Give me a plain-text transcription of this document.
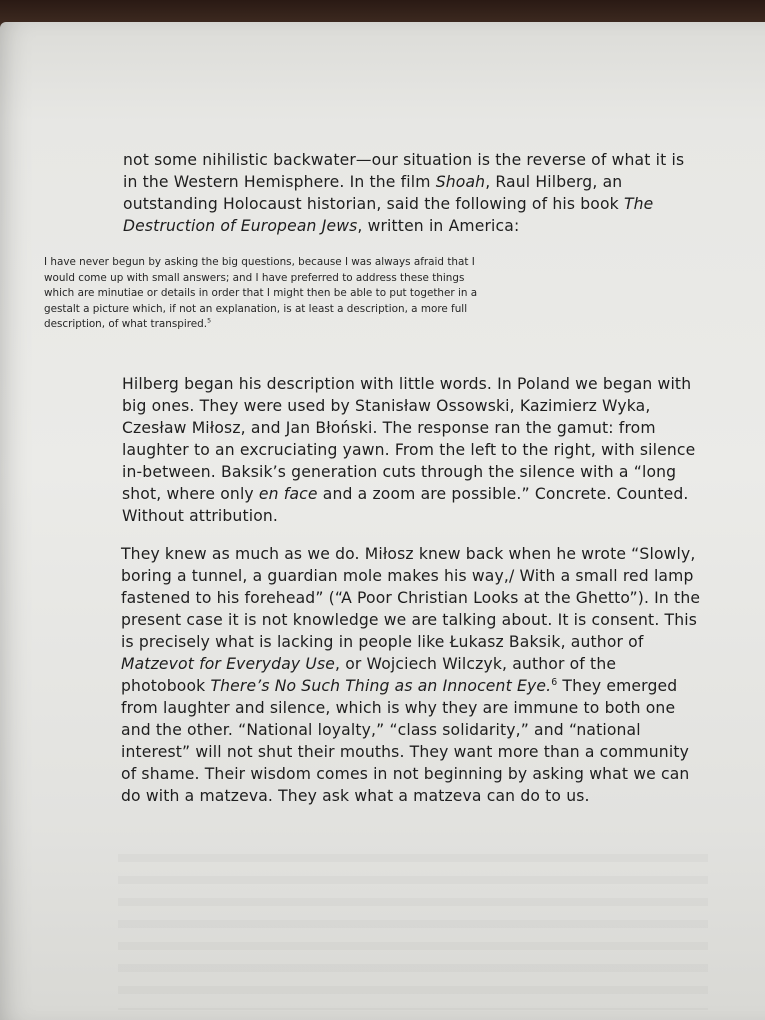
not some nihilistic backwater—our situation is the reverse of what it is in the Western Hemisphere. In the film Shoah, Raul Hilberg, an outstanding Holocaust historian, said the following of his book The Destruction of European Jews, written in America:

I have never begun by asking the big questions, because I was always afraid that I would come up with small answers; and I have preferred to address these things which are minutiae or details in order that I might then be able to put together in a gestalt a picture which, if not an explanation, is at least a description, a more full description, of what transpired.$^5$

Hilberg began his description with little words. In Poland we began with big ones. They were used by Stanisław Ossowski, Kazimierz Wyka, Czesław Miłosz, and Jan Błoński. The response ran the gamut: from laughter to an excruciating yawn. From the left to the right, with silence in-between. Baksik’s generation cuts through the silence with a “long shot, where only en face and a zoom are possible.” Concrete. Counted. Without attribution.

They knew as much as we do. Miłosz knew back when he wrote “Slowly, boring a tunnel, a guardian mole makes his way,/ With a small red lamp fastened to his forehead” (“A Poor Christian Looks at the Ghetto”). In the present case it is not knowledge we are talking about. It is consent. This is precisely what is lacking in people like Łukasz Baksik, author of Matzevot for Everyday Use, or Wojciech Wilczyk, author of the photobook There’s No Such Thing as an Innocent Eye.$^6$ They emerged from laughter and silence, which is why they are immune to both one and the other. “National loyalty,” “class solidarity,” and “national interest” will not shut their mouths. They want more than a community of shame. Their wisdom comes in not beginning by asking what we can do with a matzeva. They ask what a matzeva can do to us.
